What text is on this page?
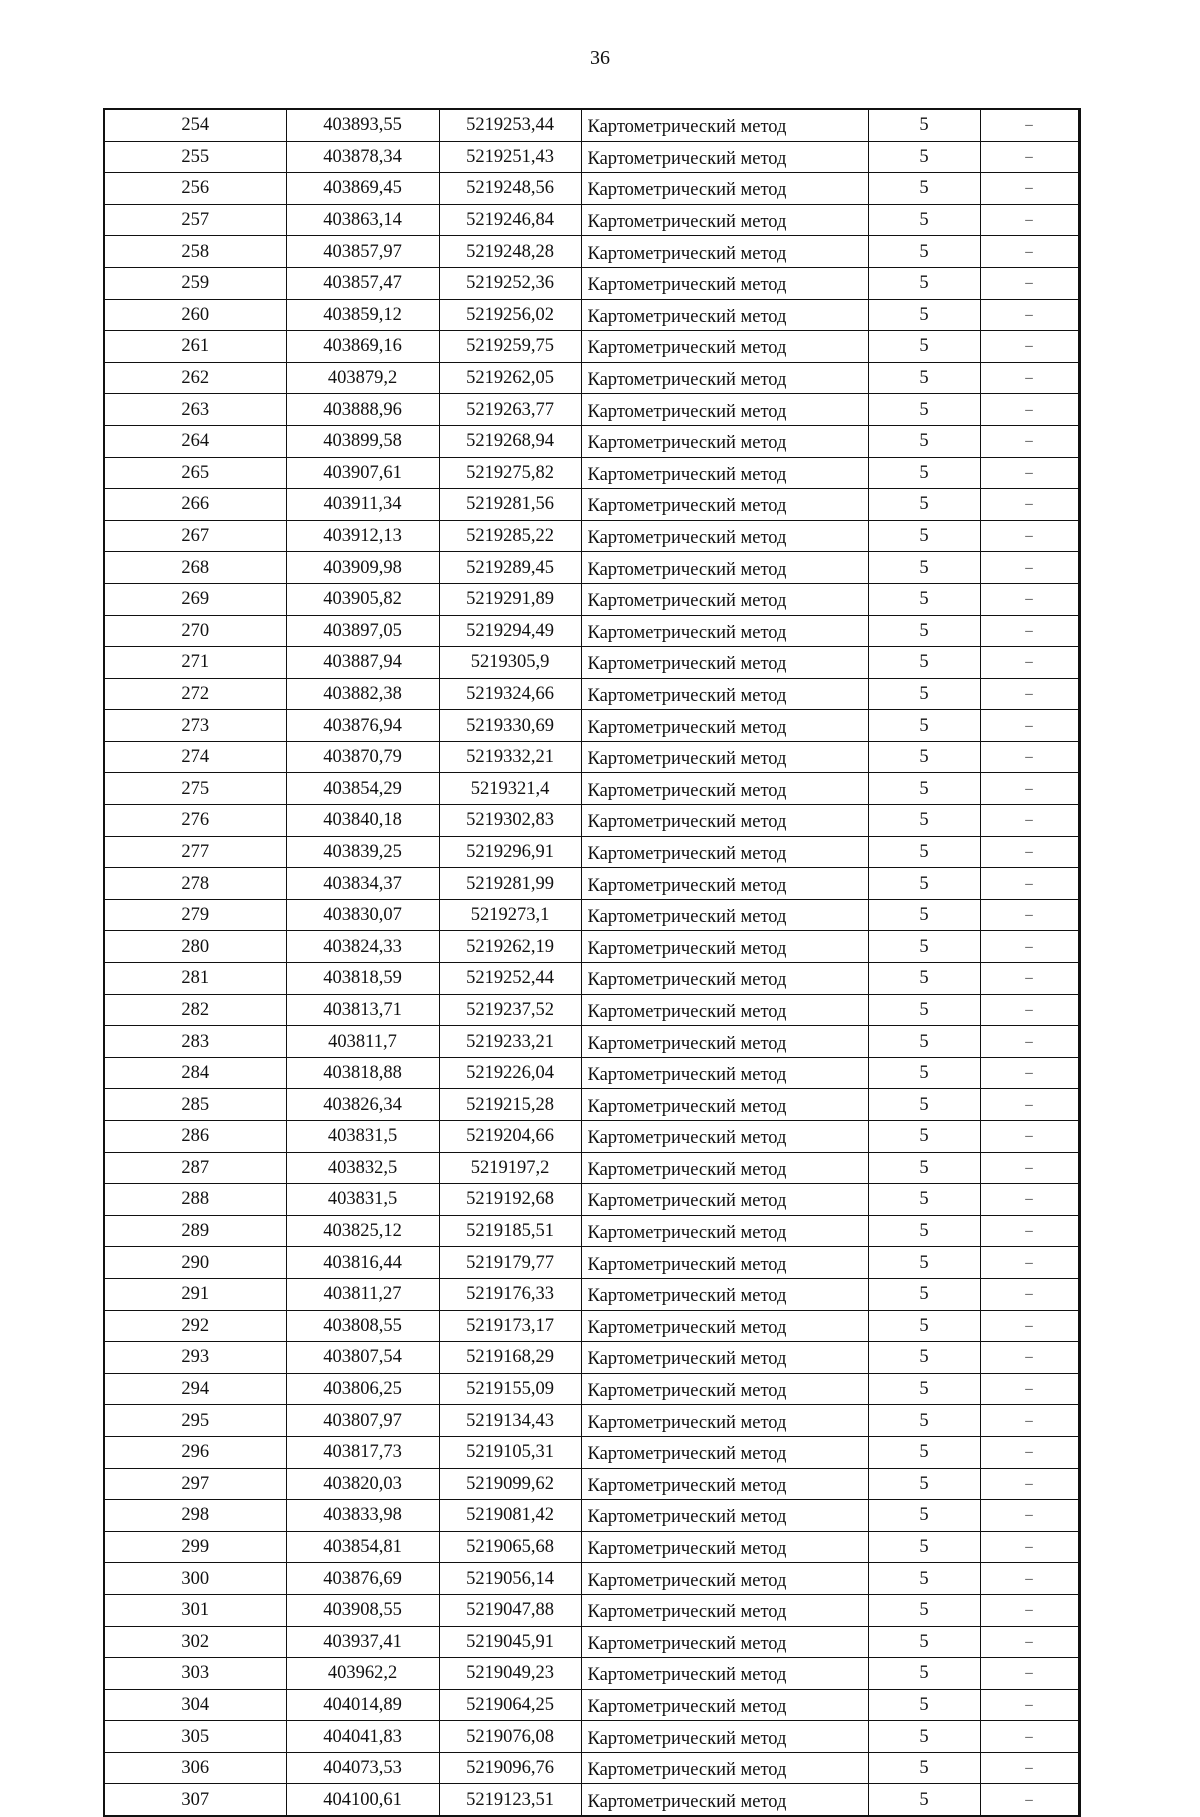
36
254	403893,55	5219253,44	Картометрический метод	5	–
255	403878,34	5219251,43	Картометрический метод	5	–
256	403869,45	5219248,56	Картометрический метод	5	–
257	403863,14	5219246,84	Картометрический метод	5	–
258	403857,97	5219248,28	Картометрический метод	5	–
259	403857,47	5219252,36	Картометрический метод	5	–
260	403859,12	5219256,02	Картометрический метод	5	–
261	403869,16	5219259,75	Картометрический метод	5	–
262	403879,2	5219262,05	Картометрический метод	5	–
263	403888,96	5219263,77	Картометрический метод	5	–
264	403899,58	5219268,94	Картометрический метод	5	–
265	403907,61	5219275,82	Картометрический метод	5	–
266	403911,34	5219281,56	Картометрический метод	5	–
267	403912,13	5219285,22	Картометрический метод	5	–
268	403909,98	5219289,45	Картометрический метод	5	–
269	403905,82	5219291,89	Картометрический метод	5	–
270	403897,05	5219294,49	Картометрический метод	5	–
271	403887,94	5219305,9	Картометрический метод	5	–
272	403882,38	5219324,66	Картометрический метод	5	–
273	403876,94	5219330,69	Картометрический метод	5	–
274	403870,79	5219332,21	Картометрический метод	5	–
275	403854,29	5219321,4	Картометрический метод	5	–
276	403840,18	5219302,83	Картометрический метод	5	–
277	403839,25	5219296,91	Картометрический метод	5	–
278	403834,37	5219281,99	Картометрический метод	5	–
279	403830,07	5219273,1	Картометрический метод	5	–
280	403824,33	5219262,19	Картометрический метод	5	–
281	403818,59	5219252,44	Картометрический метод	5	–
282	403813,71	5219237,52	Картометрический метод	5	–
283	403811,7	5219233,21	Картометрический метод	5	–
284	403818,88	5219226,04	Картометрический метод	5	–
285	403826,34	5219215,28	Картометрический метод	5	–
286	403831,5	5219204,66	Картометрический метод	5	–
287	403832,5	5219197,2	Картометрический метод	5	–
288	403831,5	5219192,68	Картометрический метод	5	–
289	403825,12	5219185,51	Картометрический метод	5	–
290	403816,44	5219179,77	Картометрический метод	5	–
291	403811,27	5219176,33	Картометрический метод	5	–
292	403808,55	5219173,17	Картометрический метод	5	–
293	403807,54	5219168,29	Картометрический метод	5	–
294	403806,25	5219155,09	Картометрический метод	5	–
295	403807,97	5219134,43	Картометрический метод	5	–
296	403817,73	5219105,31	Картометрический метод	5	–
297	403820,03	5219099,62	Картометрический метод	5	–
298	403833,98	5219081,42	Картометрический метод	5	–
299	403854,81	5219065,68	Картометрический метод	5	–
300	403876,69	5219056,14	Картометрический метод	5	–
301	403908,55	5219047,88	Картометрический метод	5	–
302	403937,41	5219045,91	Картометрический метод	5	–
303	403962,2	5219049,23	Картометрический метод	5	–
304	404014,89	5219064,25	Картометрический метод	5	–
305	404041,83	5219076,08	Картометрический метод	5	–
306	404073,53	5219096,76	Картометрический метод	5	–
307	404100,61	5219123,51	Картометрический метод	5	–
